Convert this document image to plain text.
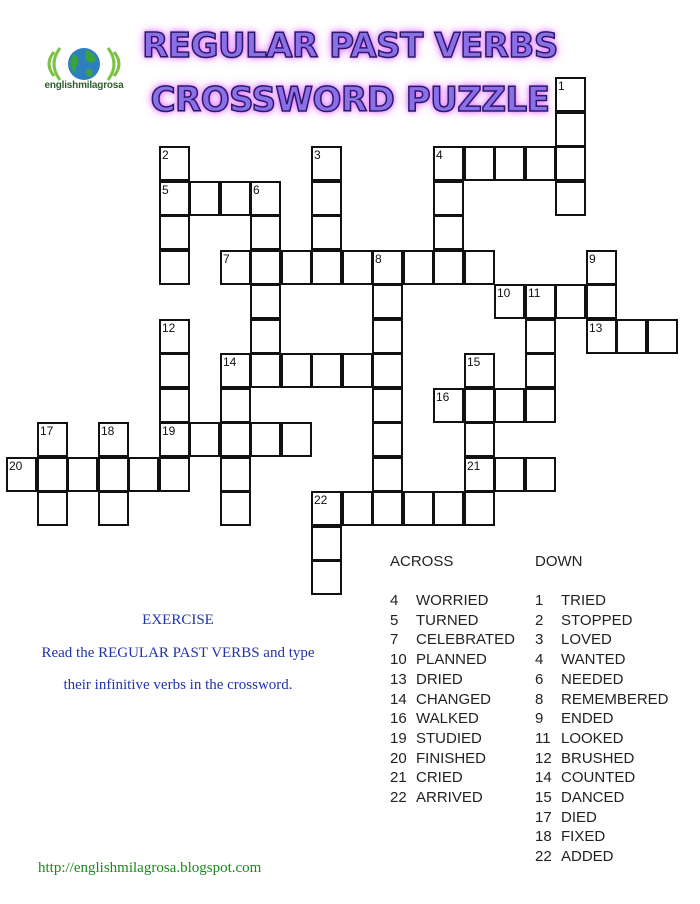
englishmilagrosa
REGULAR PAST VERBS
CROSSWORD PUZZLE 1
2	3	4
5	6
7	8	9
10 11
12	13
14	15
16
17	18	19
20	21
22
ACROSS
4 WORRIED
5 TURNED
7 CELEBRATED
10 PLANNED
13 DRIED
14 CHANGED
16 WALKED
19 STUDIED
20 FINISHED
21 CRIED
22 ARRIVED
DOWN
1 TRIED
2 STOPPED
3 LOVED
4 WANTED
6 NEEDED
8 REMEMBERED
9 ENDED
11 LOOKED
12 BRUSHED
14 COUNTED
15 DANCED
17 DIED
18 FIXED
22 ADDED
EXERCISE
Read the REGULAR PAST VERBS and type
their infinitive verbs in the crossword.
http://englishmilagrosa.blogspot.com
